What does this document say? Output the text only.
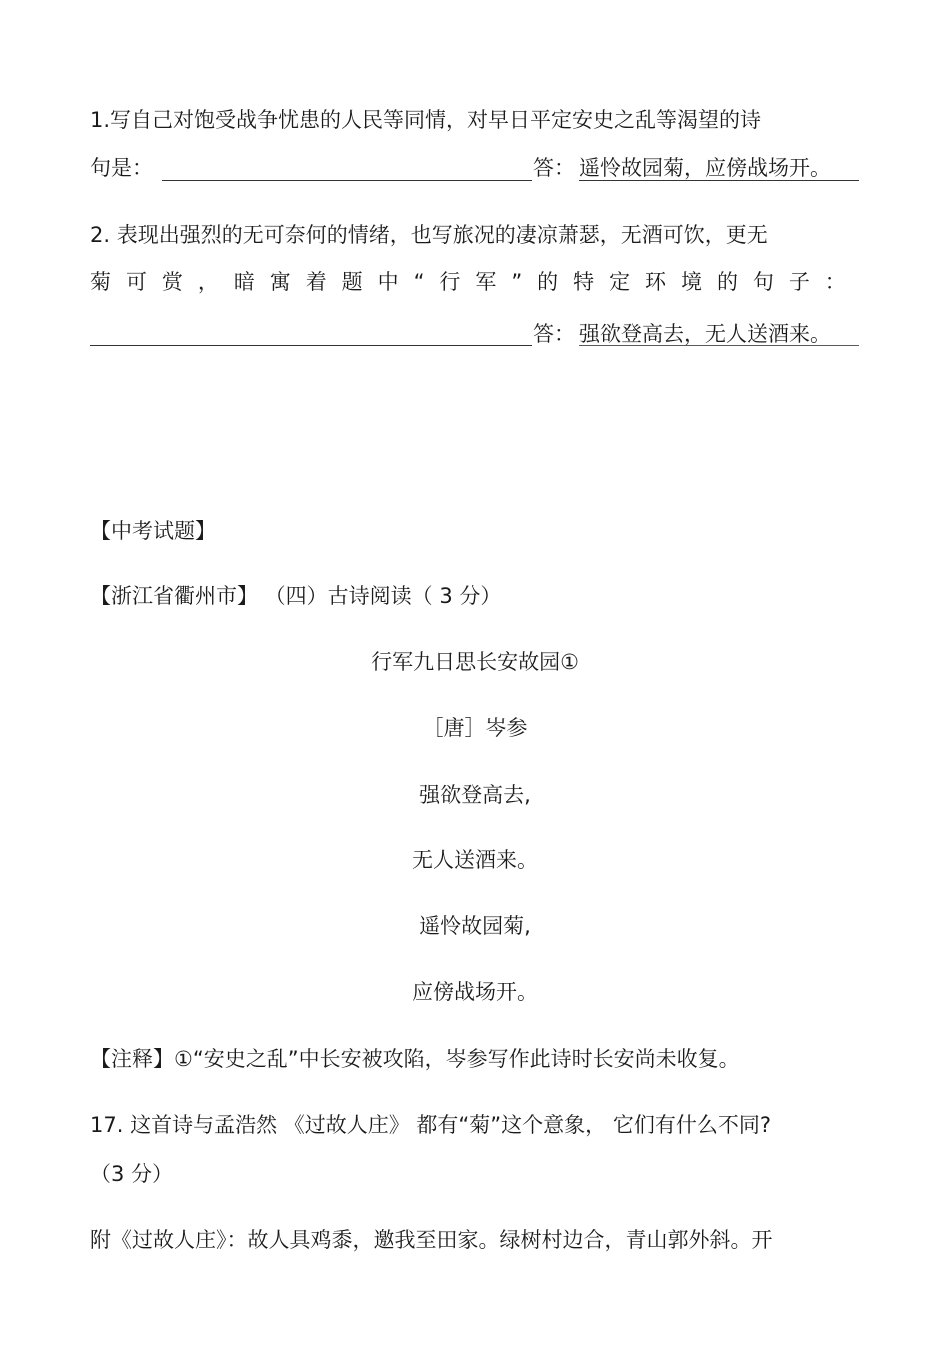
1.写自己对饱受战争忧患的人民等同情，对早日平定安史之乱等渴望的诗
句是：	答： 遥怜故园菊，应傍战场开。
2. 表现出强烈的无可奈何的情绪，也写旅况的凄凉萧瑟，无酒可饮，更无
菊 可 赏 ， 暗 寓 着 题 中 “ 行 军 ” 的 特 定 环 境 的 句 子 ：
答： 强欲登高去，无人送酒来。
【中考试题】
【浙江省衢州市】 （四）古诗阅读（ 3 分）
行军九日思长安故园①
［唐］岑参
强欲登高去,
无人送酒来。
遥怜故园菊,
应傍战场开。
【注释】①“安史之乱”中长安被攻陷，岑参写作此诗时长安尚未收复。
17. 这首诗与孟浩然 《过故人庄》 都有“菊”这个意象， 它们有什么不同?
（3 分）
附《过故人庄》：故人具鸡黍，邀我至田家。绿树村边合，青山郭外斜。开
